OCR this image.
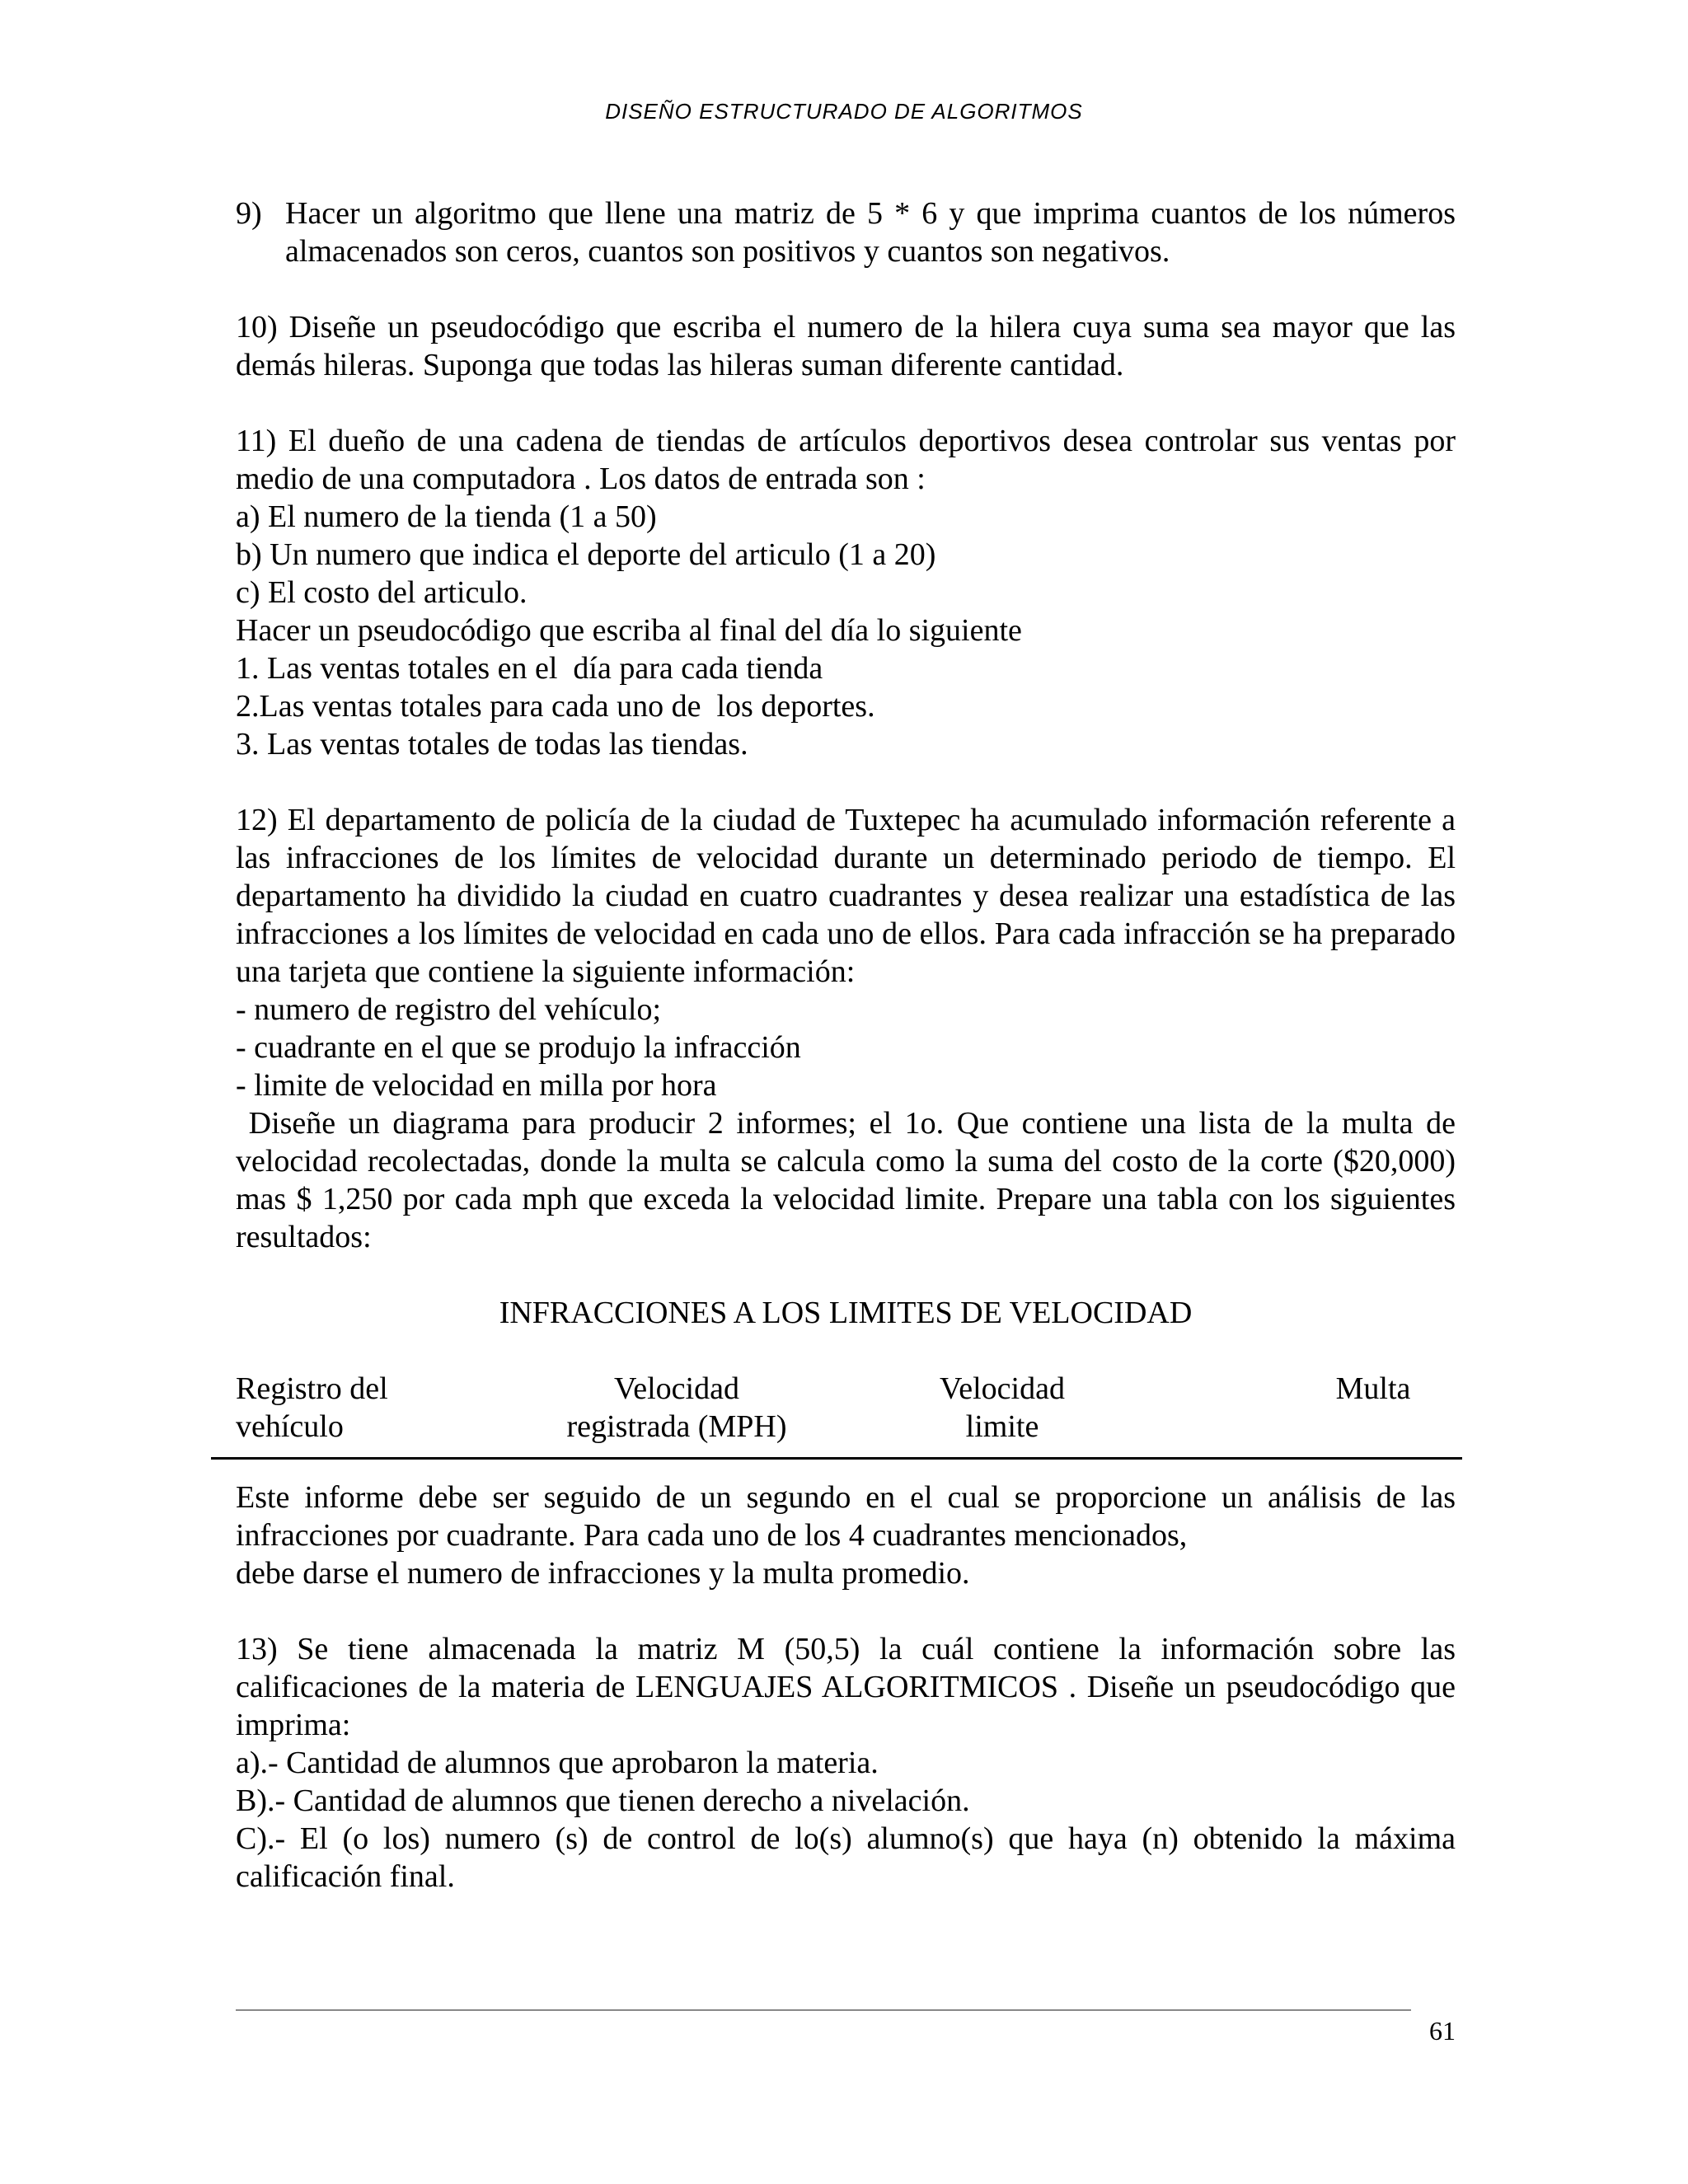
DISEÑO ESTRUCTURADO DE ALGORITMOS
9) Hacer un algoritmo que llene una matriz de 5 * 6 y que imprima cuantos de los números almacenados son ceros, cuantos son positivos y cuantos son negativos.

10) Diseñe un pseudocódigo que escriba el numero de la hilera cuya suma sea mayor que las demás hileras. Suponga que todas las hileras suman diferente cantidad.

11) El dueño de una cadena de tiendas de artículos deportivos desea controlar sus ventas por medio de una computadora . Los datos de entrada son :
a) El numero de la tienda (1 a 50)
b) Un numero que indica el deporte del articulo (1 a 20)
c) El costo del articulo.
Hacer un pseudocódigo que escriba al final del día lo siguiente
1. Las ventas totales en el  día para cada tienda
2.Las ventas totales para cada uno de  los deportes.
3. Las ventas totales de todas las tiendas.
12) El departamento de policía de la ciudad de Tuxtepec ha acumulado información referente a las infracciones de los límites de velocidad durante un determinado periodo de tiempo. El departamento ha dividido la ciudad en cuatro cuadrantes y desea realizar una estadística de las infracciones a los límites de velocidad en cada uno de ellos. Para cada infracción se ha preparado una tarjeta que contiene la siguiente información:
- numero de registro del vehículo;
- cuadrante en el que se produjo la infracción
- limite de velocidad en milla por hora
Diseñe un diagrama para producir 2 informes; el 1o. Que contiene una lista de la multa de velocidad recolectadas, donde la multa se calcula como la suma del costo de la corte ($20,000) mas $ 1,250 por cada mph que exceda la velocidad limite. Prepare una tabla con los siguientes resultados:
INFRACCIONES A LOS LIMITES DE VELOCIDAD
Registro del
vehículo
Velocidad
registrada (MPH)
Velocidad
limite
Multa
Este informe debe ser seguido de un segundo en el cual se proporcione un análisis de las infracciones por cuadrante. Para cada uno de los 4 cuadrantes mencionados,
debe darse el numero de infracciones y la multa promedio.
13) Se tiene almacenada la matriz M (50,5) la cuál contiene la información sobre las calificaciones de la materia de LENGUAJES ALGORITMICOS . Diseñe un pseudocódigo que imprima:
a).- Cantidad de alumnos que aprobaron la materia.
B).- Cantidad de alumnos que tienen derecho a nivelación.
C).- El (o los) numero (s) de control de lo(s) alumno(s) que haya (n) obtenido la máxima calificación final.
61
